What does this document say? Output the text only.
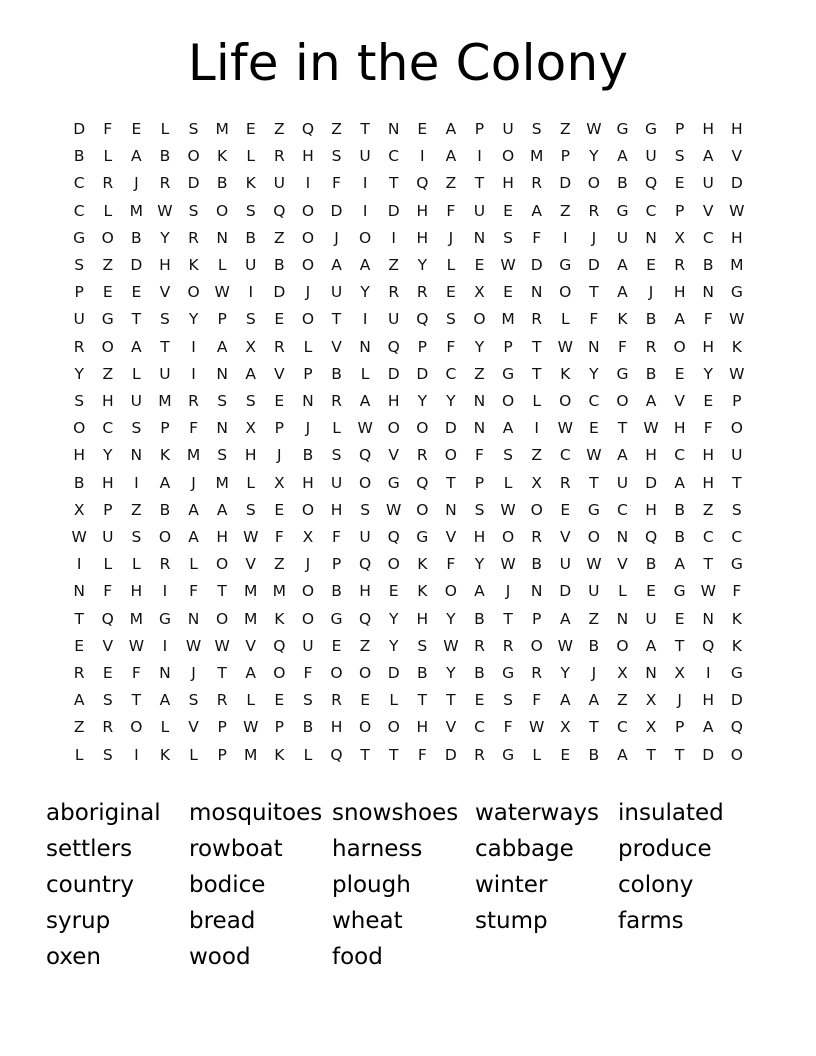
Life in the Colony
D	F	E	L	S	M	E	Z	Q	Z	T	N	E	A	P	U	S	Z	W	G	G	P	H	H
B	L	A	B	O	K	L	R	H	S	U	C	I	A	I	O	M	P	Y	A	U	S	A	V
C	R	J	R	D	B	K	U	I	F	I	T	Q	Z	T	H	R	D	O	B	Q	E	U	D
C	L	M	W	S	O	S	Q	O	D	I	D	H	F	U	E	A	Z	R	G	C	P	V	W
G	O	B	Y	R	N	B	Z	O	J	O	I	H	J	N	S	F	I	J	U	N	X	C	H
S	Z	D	H	K	L	U	B	O	A	A	Z	Y	L	E	W	D	G	D	A	E	R	B	M
P	E	E	V	O	W	I	D	J	U	Y	R	R	E	X	E	N	O	T	A	J	H	N	G
U	G	T	S	Y	P	S	E	O	T	I	U	Q	S	O	M	R	L	F	K	B	A	F	W
R	O	A	T	I	A	X	R	L	V	N	Q	P	F	Y	P	T	W	N	F	R	O	H	K
Y	Z	L	U	I	N	A	V	P	B	L	D	D	C	Z	G	T	K	Y	G	B	E	Y	W
S	H	U	M	R	S	S	E	N	R	A	H	Y	Y	N	O	L	O	C	O	A	V	E	P
O	C	S	P	F	N	X	P	J	L	W	O	O	D	N	A	I	W	E	T	W	H	F	O
H	Y	N	K	M	S	H	J	B	S	Q	V	R	O	F	S	Z	C	W	A	H	C	H	U
B	H	I	A	J	M	L	X	H	U	O	G	Q	T	P	L	X	R	T	U	D	A	H	T
X	P	Z	B	A	A	S	E	O	H	S	W	O	N	S	W	O	E	G	C	H	B	Z	S
W	U	S	O	A	H	W	F	X	F	U	Q	G	V	H	O	R	V	O	N	Q	B	C	C
I	L	L	R	L	O	V	Z	J	P	Q	O	K	F	Y	W	B	U	W	V	B	A	T	G
N	F	H	I	F	T	M	M	O	B	H	E	K	O	A	J	N	D	U	L	E	G	W	F
T	Q	M	G	N	O	M	K	O	G	Q	Y	H	Y	B	T	P	A	Z	N	U	E	N	K
E	V	W	I	W	W	V	Q	U	E	Z	Y	S	W	R	R	O	W	B	O	A	T	Q	K
R	E	F	N	J	T	A	O	F	O	O	D	B	Y	B	G	R	Y	J	X	N	X	I	G
A	S	T	A	S	R	L	E	S	R	E	L	T	T	E	S	F	A	A	Z	X	J	H	D
Z	R	O	L	V	P	W	P	B	H	O	O	H	V	C	F	W	X	T	C	X	P	A	Q
L	S	I	K	L	P	M	K	L	Q	T	T	F	D	R	G	L	E	B	A	T	T	D	O
aboriginal
settlers
country
syrup
oxen
mosquitoes
rowboat
bodice
bread
wood
snowshoes
harness
plough
wheat
food
waterways
cabbage
winter
stump
insulated
produce
colony
farms
